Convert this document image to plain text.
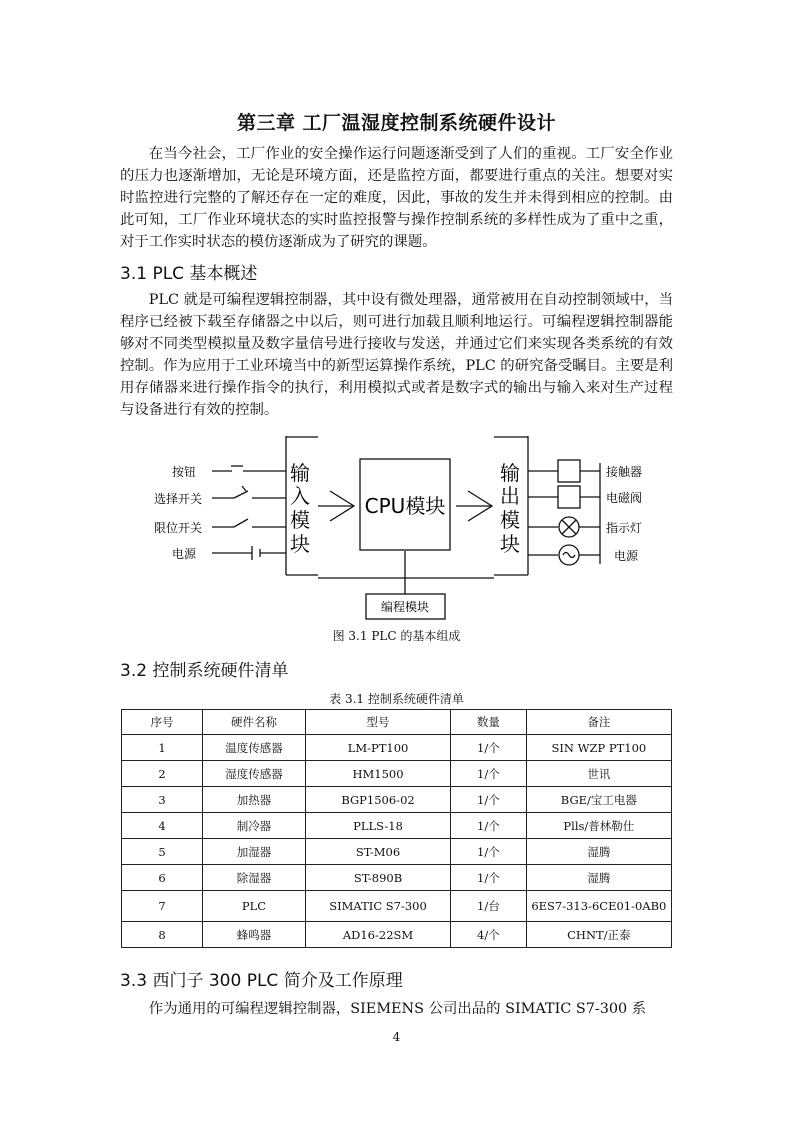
第三章 工厂温湿度控制系统硬件设计

在当今社会，工厂作业的安全操作运行问题逐渐受到了人们的重视。工厂安全作业的压力也逐渐增加，无论是环境方面，还是监控方面，都要进行重点的关注。想要对实时监控进行完整的了解还存在一定的难度，因此，事故的发生并未得到相应的控制。由此可知，工厂作业环境状态的实时监控报警与操作控制系统的多样性成为了重中之重，对于工作实时状态的模仿逐渐成为了研究的课题。

3.1 PLC 基本概述

PLC 就是可编程逻辑控制器，其中设有微处理器，通常被用在自动控制领域中，当程序已经被下载至存储器之中以后，则可进行加载且顺利地运行。可编程逻辑控制器能够对不同类型模拟量及数字量信号进行接收与发送，并通过它们来实现各类系统的有效控制。作为应用于工业环境当中的新型运算操作系统，PLC 的研究备受瞩目。主要是利用存储器来进行操作指令的执行，利用模拟式或者是数字式的输出与输入来对生产过程与设备进行有效的控制。

按钮
选择开关
限位开关
电源
输
入
模
块
CPU模块
输
出
模
块
接触器
电磁阀
指示灯
电源
编程模块
图 3.1 PLC 的基本组成
3.2 控制系统硬件清单
表 3.1 控制系统硬件清单
序号	硬件名称	型号	数量	备注
1	温度传感器	LM-PT100	1/个	SIN WZP PT100
2	湿度传感器	HM1500	1/个	世讯
3	加热器	BGP1506-02	1/个	BGE/宝工电器
4	制冷器	PLLS-18	1/个	Plls/普林勒仕
5	加湿器	ST-M06	1/个	湿腾
6	除湿器	ST-890B	1/个	湿腾
7	PLC	SIMATIC S7-300	1/台	6ES7-313-6CE01-0AB0
8	蜂鸣器	AD16-22SM	4/个	CHNT/正泰
3.3 西门子 300 PLC 简介及工作原理

作为通用的可编程逻辑控制器，SIEMENS 公司出品的 SIMATIC S7-300 系

4
